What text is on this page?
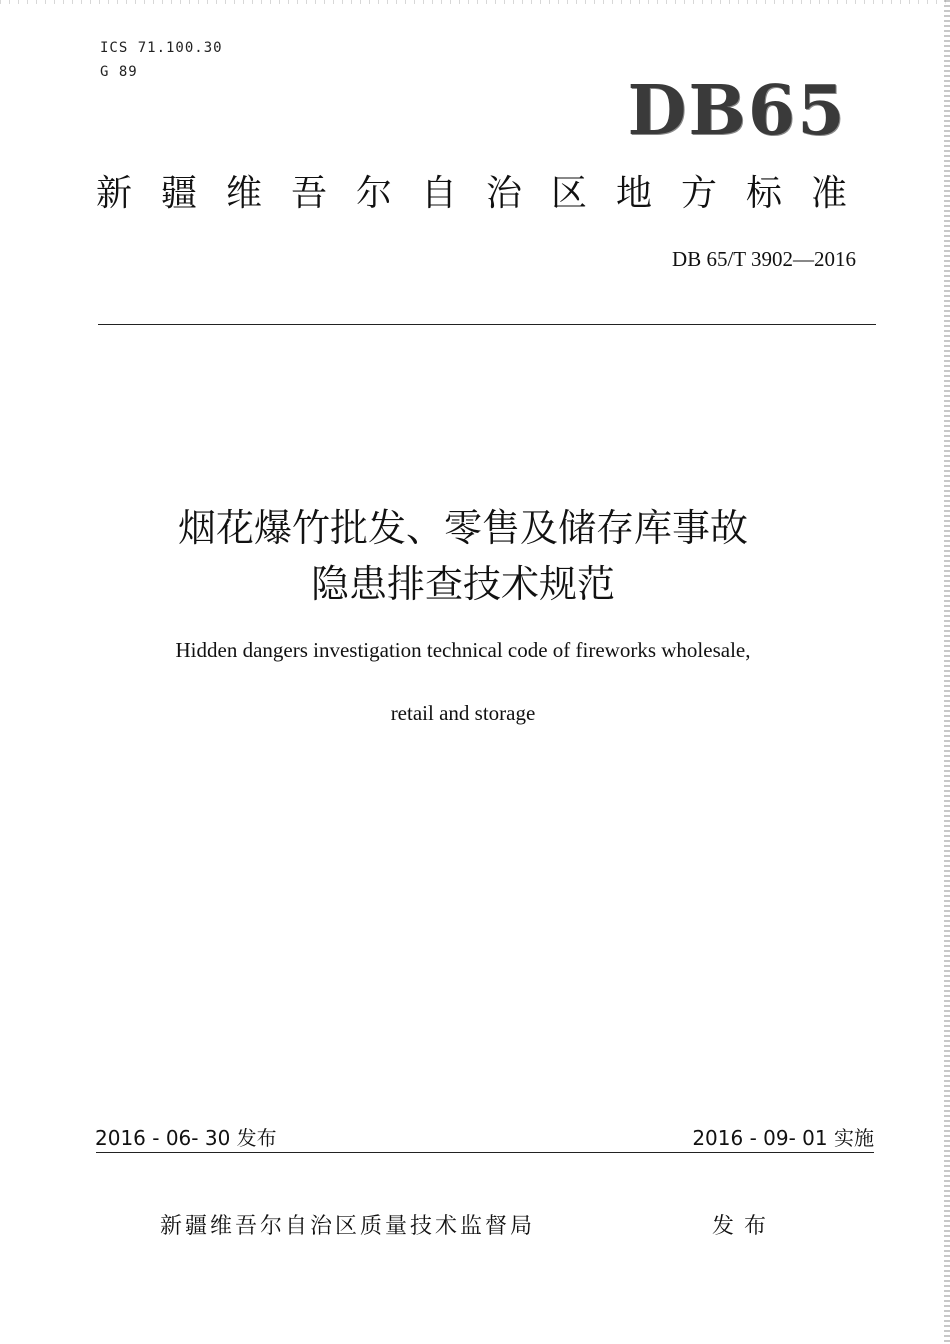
ICS 71.100.30
G 89	DB65
新疆维吾尔自治区地方标准
DB 65/T 3902—2016
烟花爆竹批发、零售及储存库事故
隐患排查技术规范
Hidden dangers investigation technical code of fireworks wholesale,
retail and storage
2016 - 06- 30 发布	2016 - 09- 01 实施
新疆维吾尔自治区质量技术监督局	发布
